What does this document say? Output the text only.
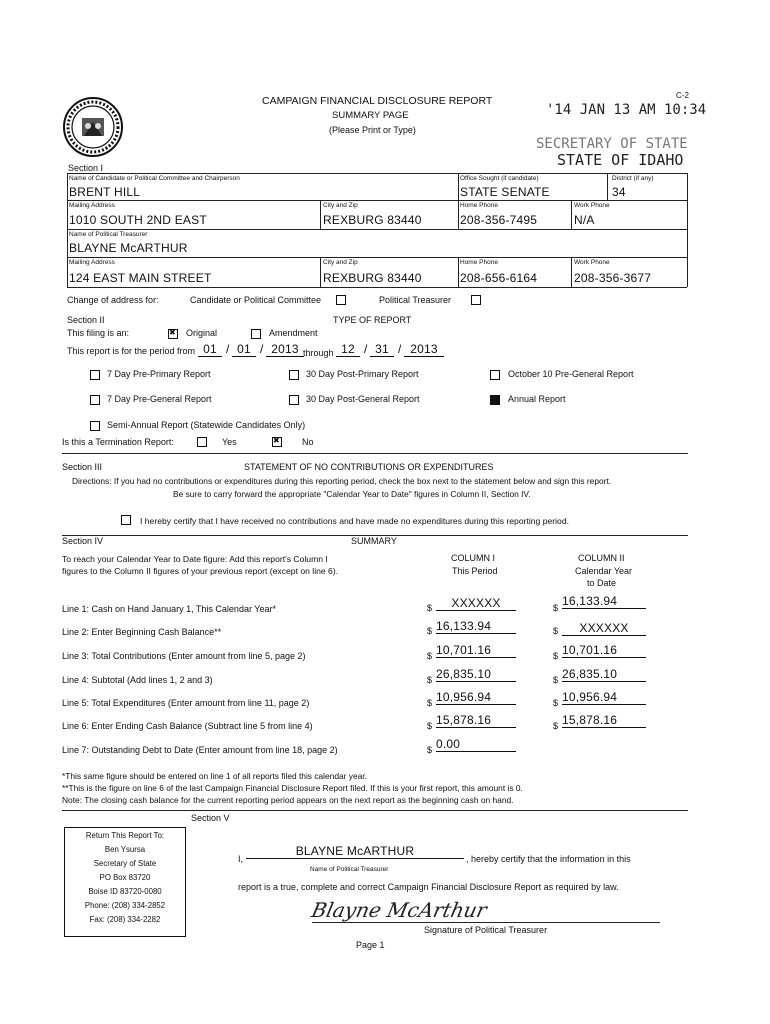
CAMPAIGN FINANCIAL DISCLOSURE REPORT
SUMMARY PAGE
(Please Print or Type)
C-2
'14 JAN 13 AM 10:34
SECRETARY OF STATE
STATE OF IDAHO
Section I
Name of Candidate or Political Committee and Chairperson
BRENT HILL
Office Sought (if candidate)
STATE SENATE
District (if any)
34
Mailing Address
1010 SOUTH 2ND EAST
City and Zip
REXBURG 83440
Home Phone
208-356-7495
Work Phone
N/A
Name of Political Treasurer
BLAYNE McARTHUR
Mailing Address
124 EAST MAIN STREET
City and Zip
REXBURG 83440
Home Phone
208-656-6164
Work Phone
208-356-3677
Change of address for:	Candidate or Political Committee	Political Treasurer
Section II	TYPE OF REPORT
This filing is an: ✖	Original	Amendment
This report is for the period from 01 / 01 / 2013 through 12 / 31 / 2013
7 Day Pre-Primary Report	30 Day Post-Primary Report	October 10 Pre-General Report
7 Day Pre-General Report	30 Day Post-General Report	Annual Report
Semi-Annual Report (Statewide Candidates Only)
Is this a Termination Report:	Yes ✖	No
Section III	STATEMENT OF NO CONTRIBUTIONS OR EXPENDITURES
Directions: If you had no contributions or expenditures during this reporting period, check the box next to the statement below and sign this report.
Be sure to carry forward the appropriate "Calendar Year to Date" figures in Column II, Section IV.
I hereby certify that I have received no contributions and have made no expenditures during this reporting period.
Section IV	SUMMARY
To reach your Calendar Year to Date figure: Add this report's Column I
figures to the Column II figures of your previous report (except on line 6).
COLUMN I
This Period
COLUMN II
Calendar Year
to Date
Line 1: Cash on Hand January 1, This Calendar Year*	$	XXXXXX	$ 16,133.94
Line 2: Enter Beginning Cash Balance**	$ 16,133.94	$	XXXXXX
Line 3: Total Contributions (Enter amount from line 5, page 2)	$ 10,701.16	$ 10,701.16
Line 4: Subtotal (Add lines 1, 2 and 3)	$ 26,835.10	$ 26,835.10
Line 5: Total Expenditures (Enter amount from line 11, page 2)	$ 10,956.94	$ 10,956.94
Line 6: Enter Ending Cash Balance (Subtract line 5 from line 4)	$ 15,878.16	$ 15,878.16
Line 7: Outstanding Debt to Date (Enter amount from line 18, page 2)	$ 0.00
*This same figure should be entered on line 1 of all reports filed this calendar year.
**This is the figure on line 6 of the last Campaign Financial Disclosure Report filed. If this is your first report, this amount is 0.
Note: The closing cash balance for the current reporting period appears on the next report as the beginning cash on hand.
Section V
Return This Report To:
Ben Ysursa
Secretary of State
PO Box 83720
Boise ID 83720-0080
Phone: (208) 334-2852
Fax: (208) 334-2282
I,
BLAYNE McARTHUR
, hereby certify that the information in this
Name of Political Treasurer
report is a true, complete and correct Campaign Financial Disclosure Report as required by law.
Blayne McArthur
Signature of Political Treasurer
Page 1
